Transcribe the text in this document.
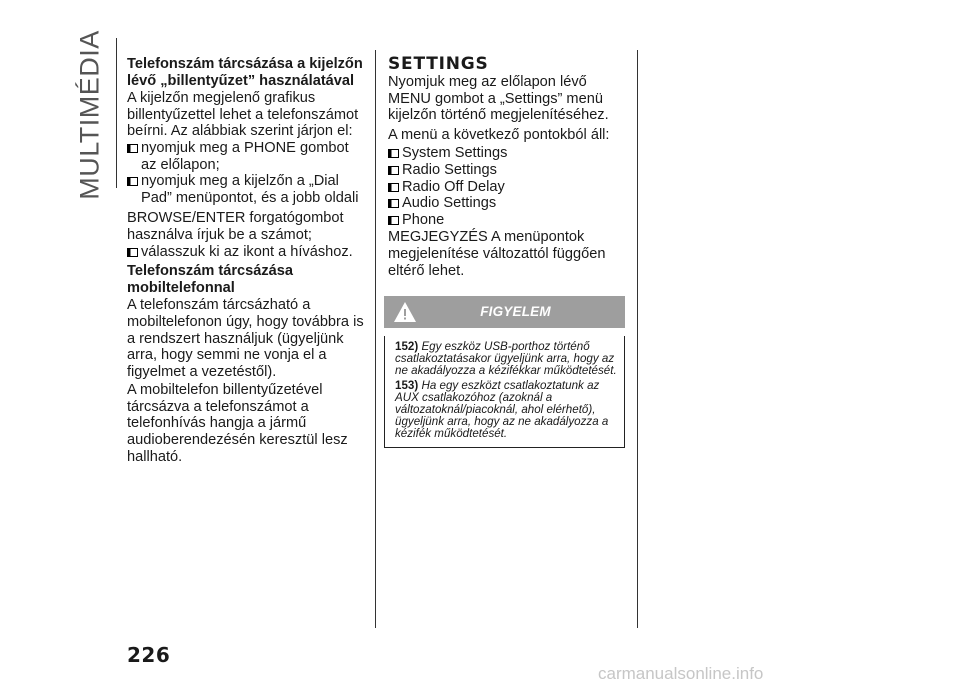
MULTIMÉDIA Telefonszám tárcsázása a kijelzőn lévő „billentyűzet” használatával

A kijelzőn megjelenő grafikus billentyűzettel lehet a telefonszámot beírni. Az alábbiak szerint járjon el:

nyomjuk meg a PHONE gombot az előlapon;
nyomjuk meg a kijelzőn a „Dial Pad” menüpontot, és a jobb oldali

BROWSE/ENTER forgatógombot használva írjuk be a számot;

válasszuk ki az ikont a híváshoz.
Telefonszám tárcsázása mobiltelefonnal

A telefonszám tárcsázható a mobiltelefonon úgy, hogy továbbra is a rendszert használjuk (ügyeljünk arra, hogy semmi ne vonja el a figyelmet a vezetéstől).

A mobiltelefon billentyűzetével tárcsázva a telefonszámot a telefonhívás hangja a jármű audioberendezésén keresztül lesz hallható.

SETTINGS

Nyomjuk meg az előlapon lévő MENU gombot a „Settings” menü kijelzőn történő megjelenítéséhez.

A menü a következő pontokból áll:

System Settings
Radio Settings
Radio Off Delay
Audio Settings
Phone

MEGJEGYZÉS A menüpontok megjelenítése változattól függően eltérő lehet.

FIGYELEM

152) Egy eszköz USB-porthoz történő csatlakoztatásakor ügyeljünk arra, hogy az ne akadályozza a kézifékkar működtetését.

153) Ha egy eszközt csatlakoztatunk az AUX csatlakozóhoz (azoknál a változatoknál/piacoknál, ahol elérhető), ügyeljünk arra, hogy az ne akadályozza a kézifék működtetését.

226
carmanualsonline.info
